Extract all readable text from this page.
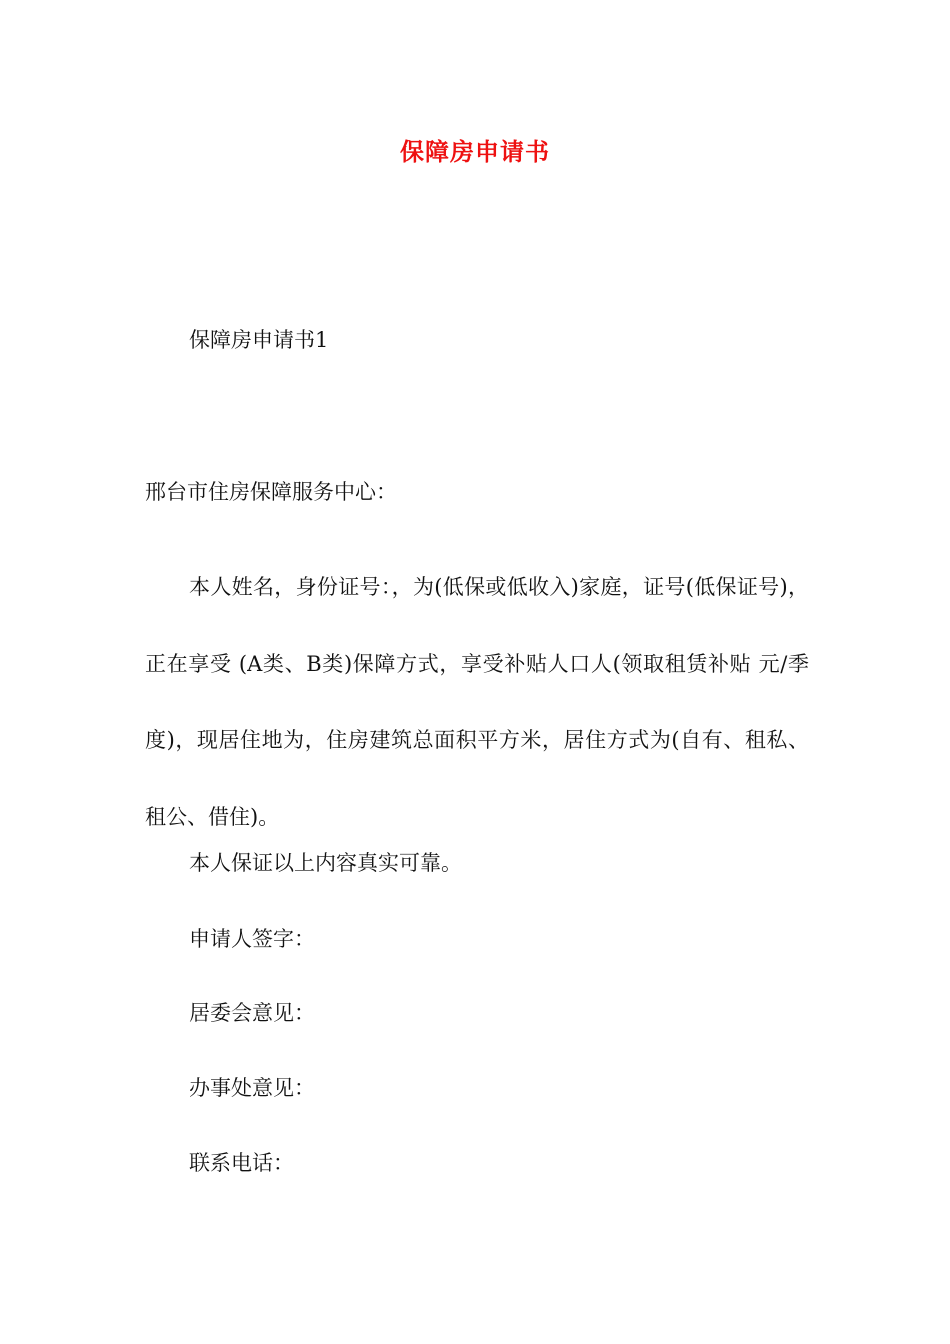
保障房申请书
保障房申请书1
邢台市住房保障服务中心：

本人姓名，身份证号：，为(低保或低收入)家庭，证号(低保证号)，正在享受 (A类、B类)保障方式，享受补贴人口人(领取租赁补贴 元/季度)，现居住地为，住房建筑总面积平方米，居住方式为(自有、租私、租公、借住)。

本人保证以上内容真实可靠。
申请人签字：
居委会意见：
办事处意见：
联系电话：
